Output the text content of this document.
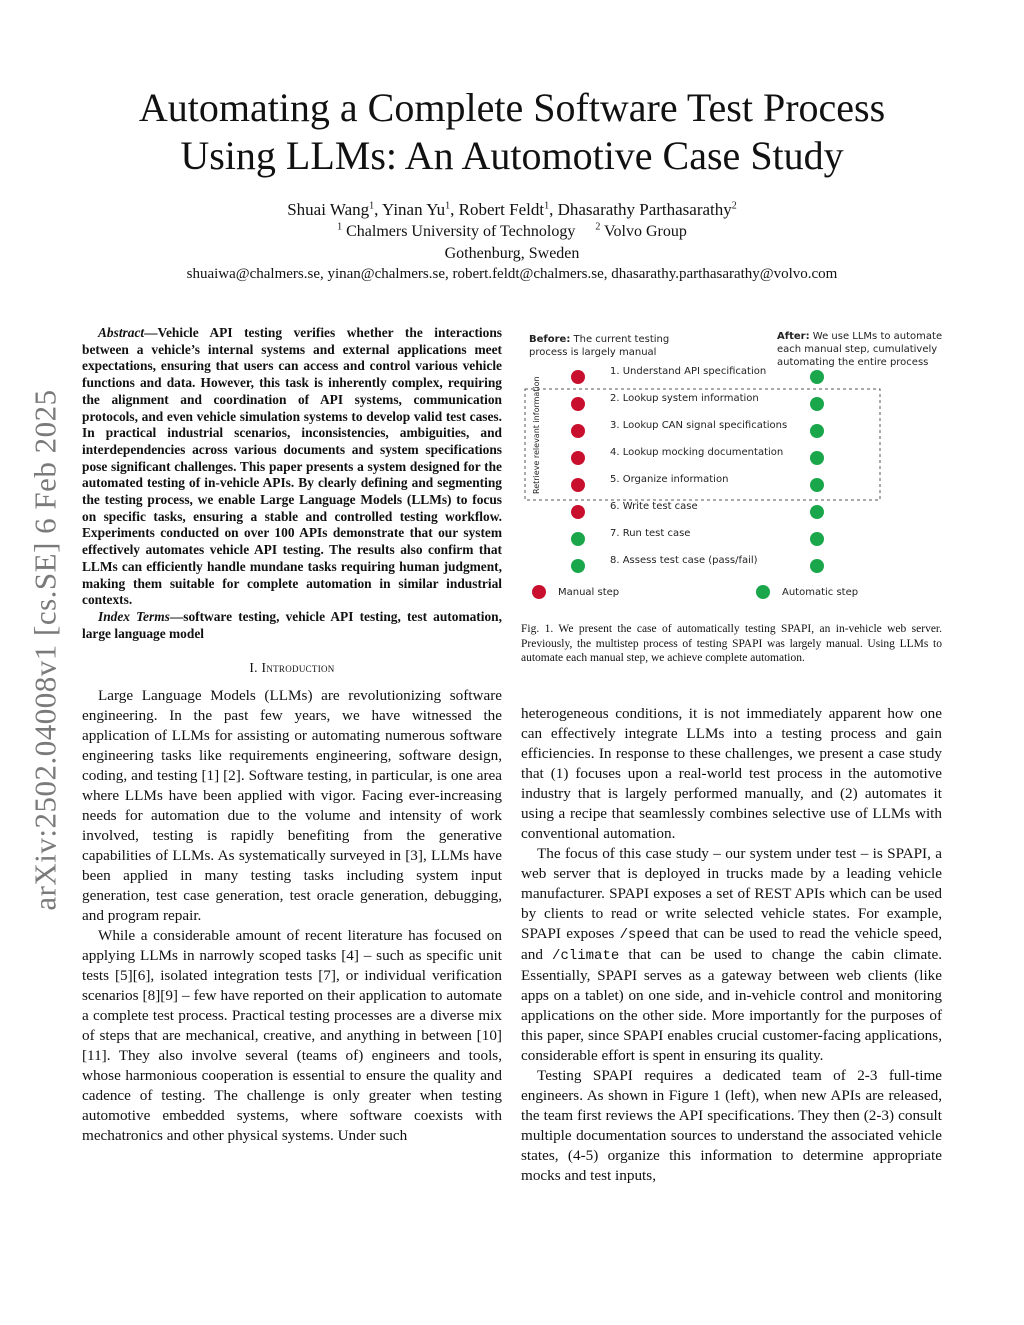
arXiv:2502.04008v1 [cs.SE] 6 Feb 2025
Automating a Complete Software Test Process
Using LLMs: An Automotive Case Study
Shuai Wang$^1$, Yinan Yu$^1$, Robert Feldt$^1$, Dhasarathy Parthasarathy$^2$
$^1$ Chalmers University of Technology $^2$ Volvo Group
Gothenburg, Sweden
shuaiwa@chalmers.se, yinan@chalmers.se, robert.feldt@chalmers.se, dhasarathy.parthasarathy@volvo.com

Abstract—Vehicle API testing verifies whether the interactions between a vehicle’s internal systems and external applications meet expectations, ensuring that users can access and control various vehicle functions and data. However, this task is inherently complex, requiring the alignment and coordination of API systems, communication protocols, and even vehicle simulation systems to develop valid test cases. In practical industrial scenarios, inconsistencies, ambiguities, and interdependencies across various documents and system specifications pose significant challenges. This paper presents a system designed for the automated testing of in-vehicle APIs. By clearly defining and segmenting the testing process, we enable Large Language Models (LLMs) to focus on specific tasks, ensuring a stable and controlled testing workflow. Experiments conducted on over 100 APIs demonstrate that our system effectively automates vehicle API testing. The results also confirm that LLMs can efficiently handle mundane tasks requiring human judgment, making them suitable for complete automation in similar industrial contexts.

Index Terms—software testing, vehicle API testing, test automation, large language model

I. Introduction

Large Language Models (LLMs) are revolutionizing software engineering. In the past few years, we have witnessed the application of LLMs for assisting or automating numerous software engineering tasks like requirements engineering, software design, coding, and testing [1] [2]. Software testing, in particular, is one area where LLMs have been applied with vigor. Facing ever-increasing needs for automation due to the volume and intensity of work involved, testing is rapidly benefiting from the generative capabilities of LLMs. As systematically surveyed in [3], LLMs have been applied in many testing tasks including system input generation, test case generation, test oracle generation, debugging, and program repair.

While a considerable amount of recent literature has focused on applying LLMs in narrowly scoped tasks [4] – such as specific unit tests [5][6], isolated integration tests [7], or individual verification scenarios [8][9] – few have reported on their application to automate a complete test process. Practical testing processes are a diverse mix of steps that are mechanical, creative, and anything in between [10][11]. They also involve several (teams of) engineers and tools, whose harmonious cooperation is essential to ensure the quality and cadence of testing. The challenge is only greater when testing automotive embedded systems, where software coexists with mechatronics and other physical systems. Under such

Before: The current testing
process is largely manual
After: We use LLMs to automate
each manual step, cumulatively
automating the entire process
Retrieve relevant information
1. Understand API specification
2. Lookup system information
3. Lookup CAN signal specifications
4. Lookup mocking documentation
5. Organize information
6. Write test case
7. Run test case
8. Assess test case (pass/fail)
Manual step	Automatic step
Fig. 1. We present the case of automatically testing SPAPI, an in-vehicle web server. Previously, the multistep process of testing SPAPI was largely manual. Using LLMs to automate each manual step, we achieve complete automation.

heterogeneous conditions, it is not immediately apparent how one can effectively integrate LLMs into a testing process and gain efficiencies. In response to these challenges, we present a case study that (1) focuses upon a real-world test process in the automotive industry that is largely performed manually, and (2) automates it using a recipe that seamlessly combines selective use of LLMs with conventional automation.

The focus of this case study – our system under test – is SPAPI, a web server that is deployed in trucks made by a leading vehicle manufacturer. SPAPI exposes a set of REST APIs which can be used by clients to read or write selected vehicle states. For example, SPAPI exposes /speed that can be used to read the vehicle speed, and /climate that can be used to change the cabin climate. Essentially, SPAPI serves as a gateway between web clients (like apps on a tablet) on one side, and in-vehicle control and monitoring applications on the other side. More importantly for the purposes of this paper, since SPAPI enables crucial customer-facing applications, considerable effort is spent in ensuring its quality.

Testing SPAPI requires a dedicated team of 2-3 full-time engineers. As shown in Figure 1 (left), when new APIs are released, the team first reviews the API specifications. They then (2-3) consult multiple documentation sources to understand the associated vehicle states, (4-5) organize this information to determine appropriate mocks and test inputs,
